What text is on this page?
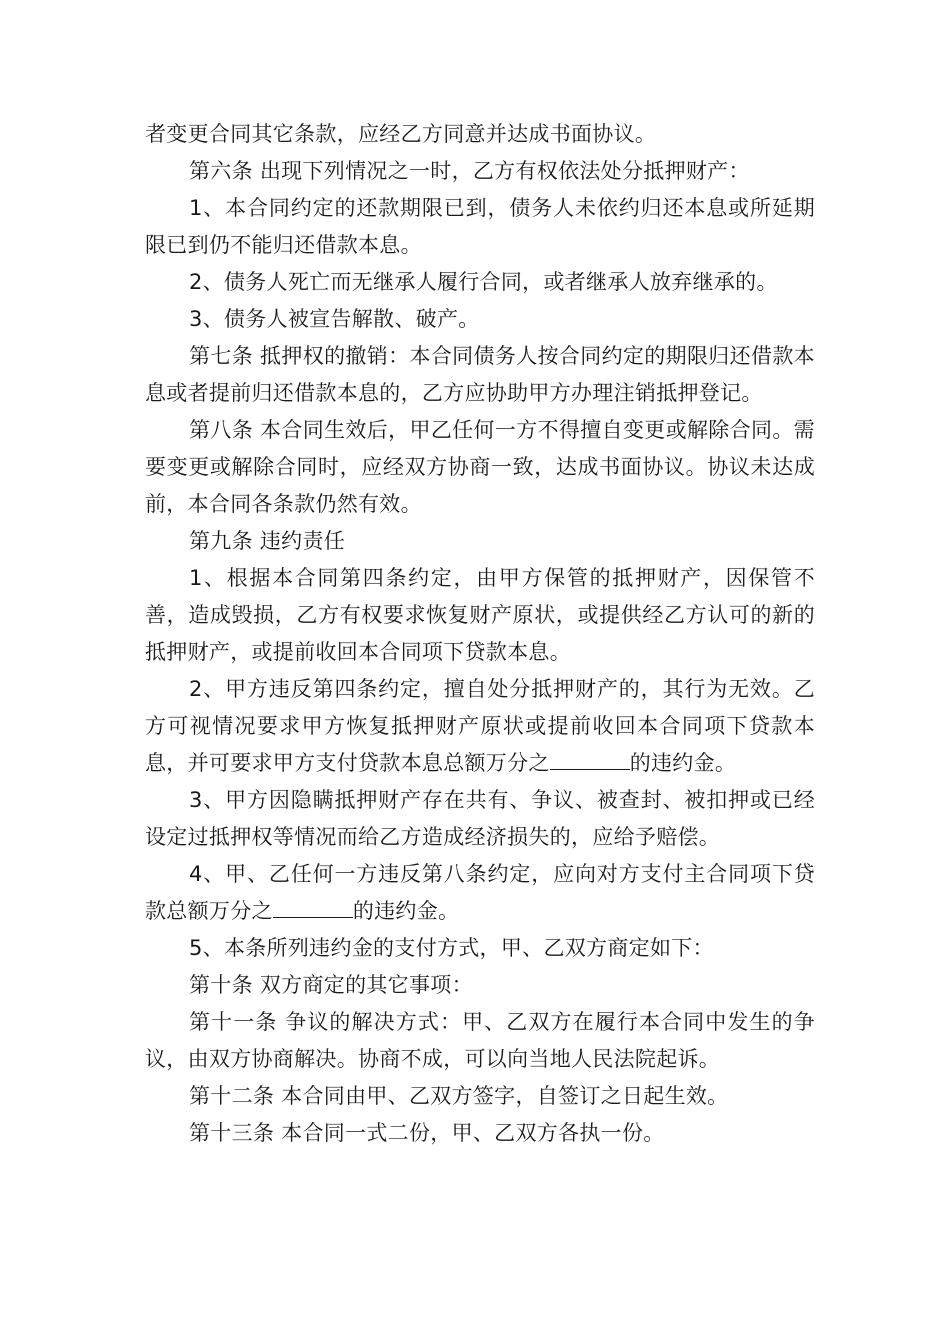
者变更合同其它条款，应经乙方同意并达成书面协议。

第六条 出现下列情况之一时，乙方有权依法处分抵押财产：

1、本合同约定的还款期限已到，债务人未依约归还本息或所延期限已到仍不能归还借款本息。

2、债务人死亡而无继承人履行合同，或者继承人放弃继承的。

3、债务人被宣告解散、破产。

第七条 抵押权的撤销：本合同债务人按合同约定的期限归还借款本息或者提前归还借款本息的，乙方应协助甲方办理注销抵押登记。

第八条 本合同生效后，甲乙任何一方不得擅自变更或解除合同。需要变更或解除合同时，应经双方协商一致，达成书面协议。协议未达成前，本合同各条款仍然有效。

第九条 违约责任

1、根据本合同第四条约定，由甲方保管的抵押财产，因保管不善，造成毁损，乙方有权要求恢复财产原状，或提供经乙方认可的新的抵押财产，或提前收回本合同项下贷款本息。

2、甲方违反第四条约定，擅自处分抵押财产的，其行为无效。乙方可视情况要求甲方恢复抵押财产原状或提前收回本合同项下贷款本息，并可要求甲方支付贷款本息总额万分之	的违约金。

3、甲方因隐瞒抵押财产存在共有、争议、被查封、被扣押或已经设定过抵押权等情况而给乙方造成经济损失的，应给予赔偿。

4、甲、乙任何一方违反第八条约定，应向对方支付主合同项下贷款总额万分之	的违约金。

5、本条所列违约金的支付方式，甲、乙双方商定如下：

第十条 双方商定的其它事项：

第十一条 争议的解决方式：甲、乙双方在履行本合同中发生的争议，由双方协商解决。协商不成，可以向当地人民法院起诉。

第十二条 本合同由甲、乙双方签字，自签订之日起生效。

第十三条 本合同一式二份，甲、乙双方各执一份。
